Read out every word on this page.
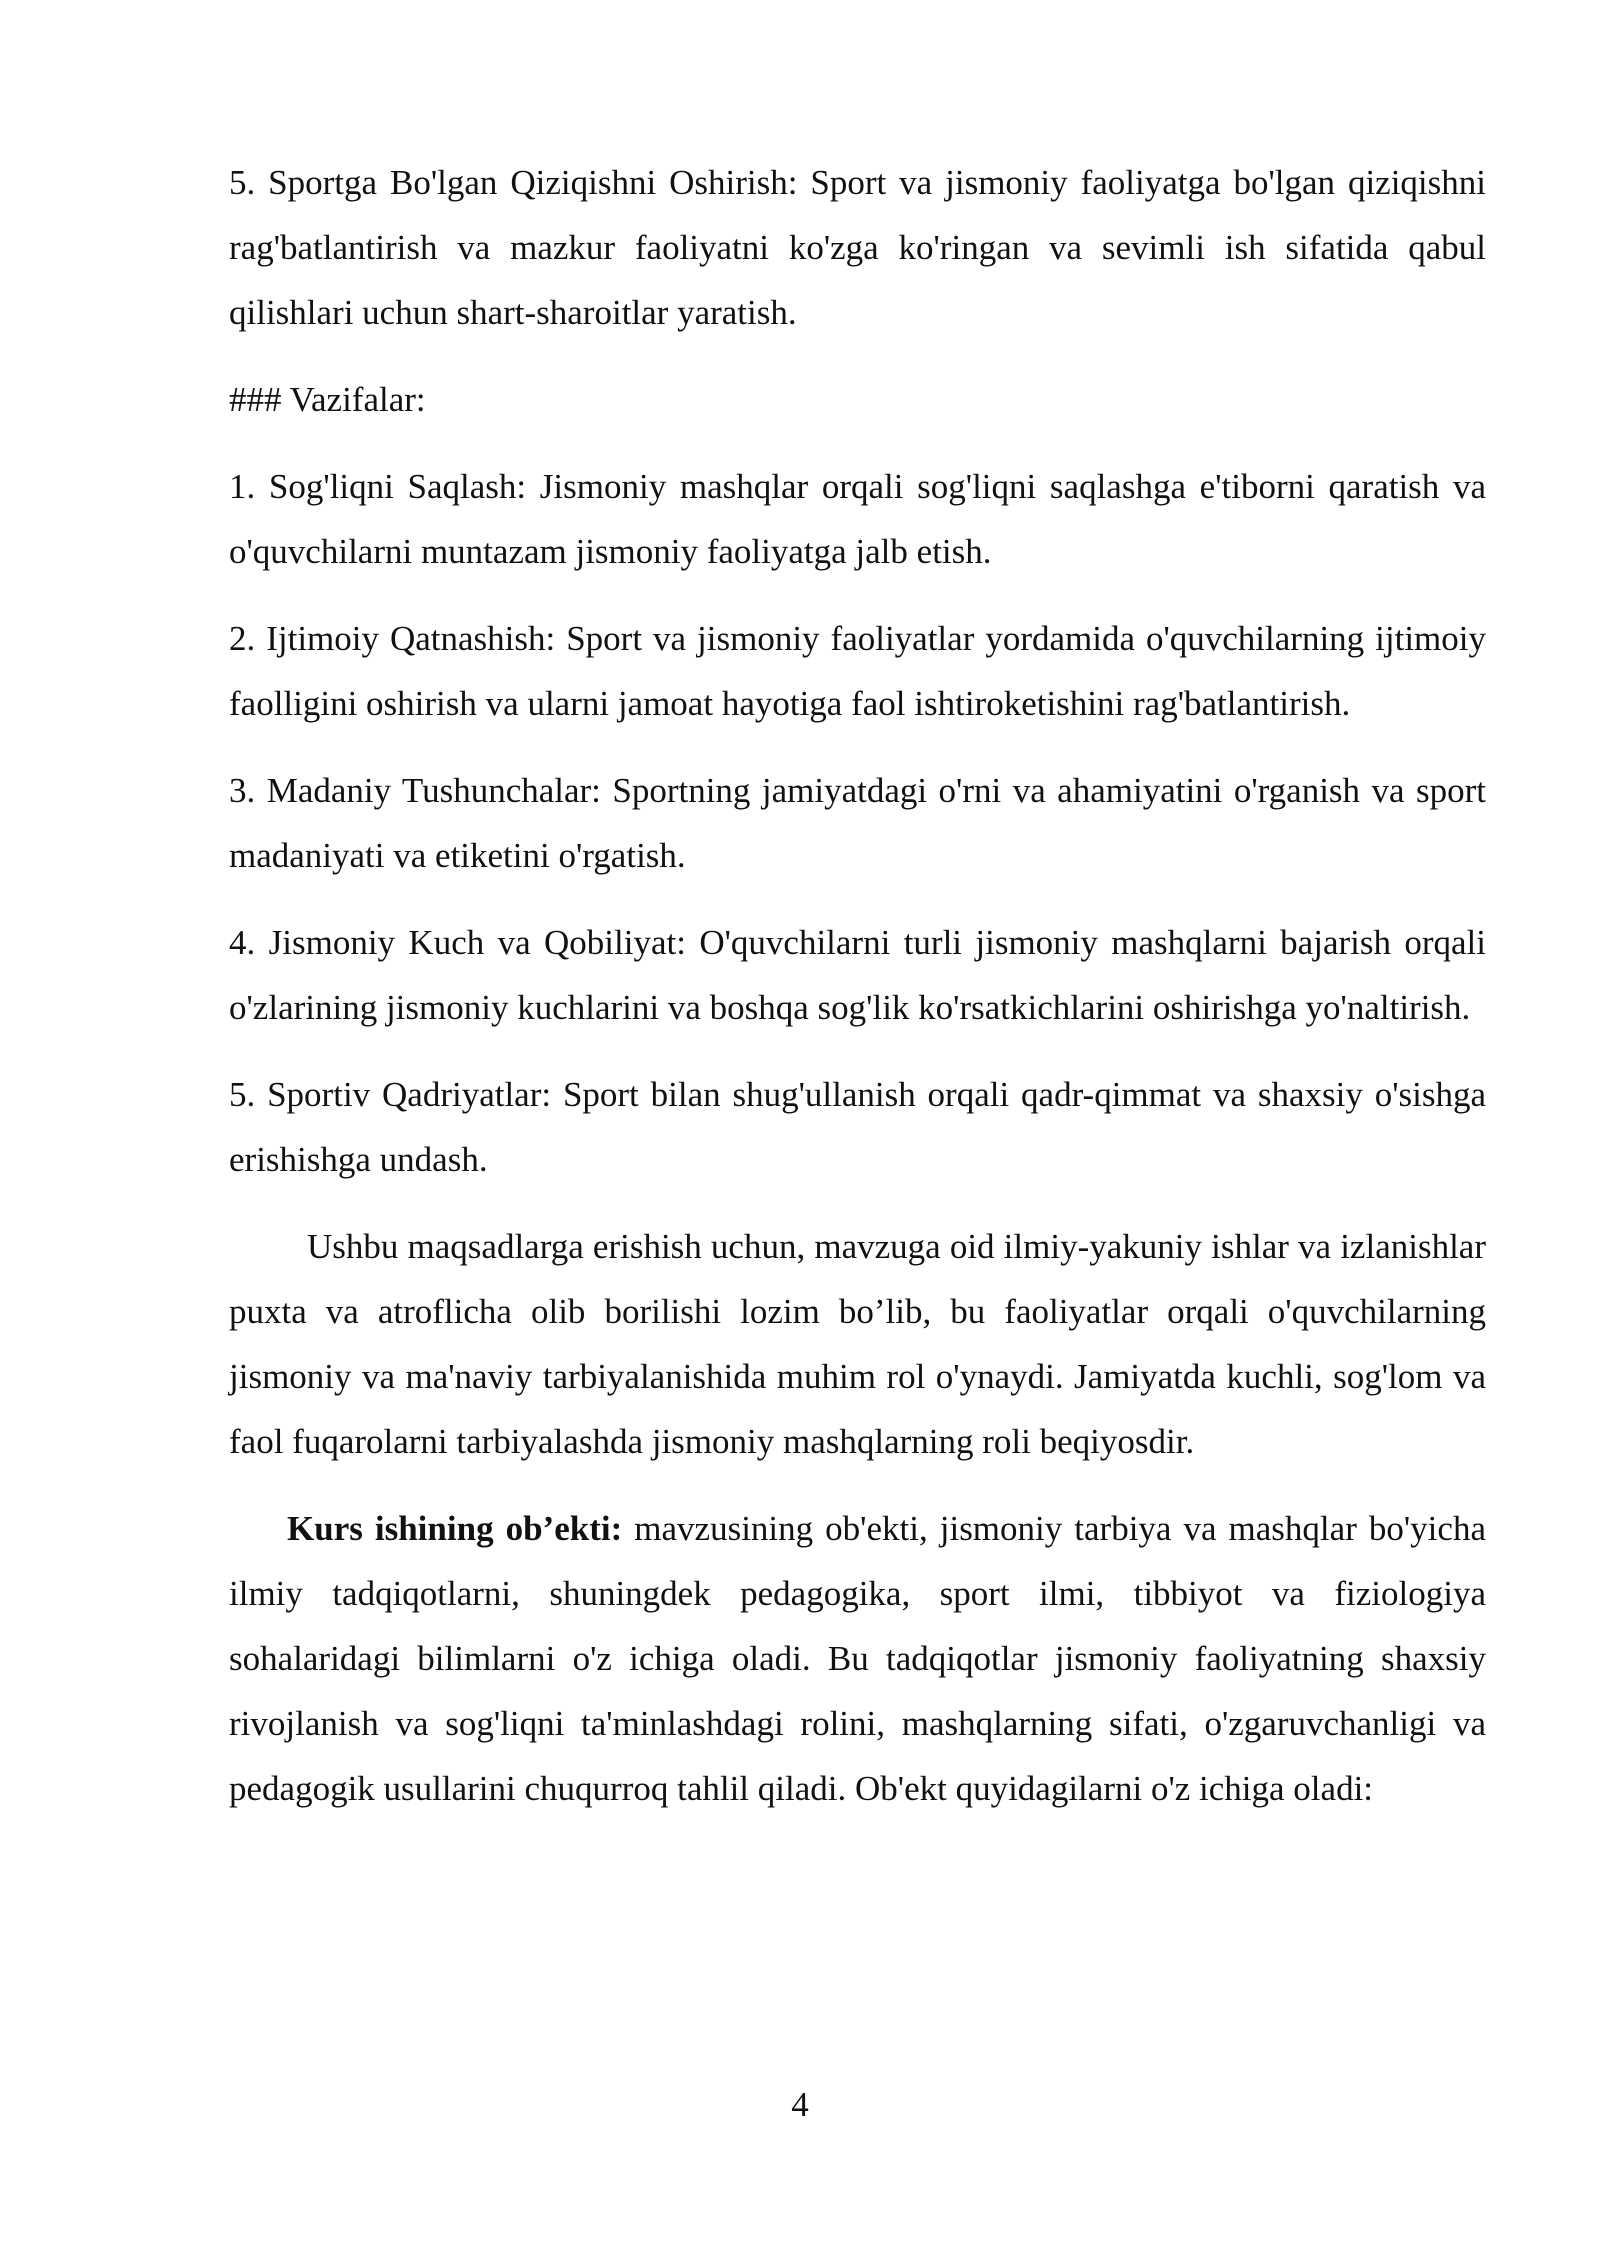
5. Sportga Bo'lgan Qiziqishni Oshirish: Sport va jismoniy faoliyatga bo'lgan qiziqishni rag'batlantirish va mazkur faoliyatni ko'zga ko'ringan va sevimli ish sifatida qabul qilishlari uchun shart-sharoitlar yaratish.

### Vazifalar:

1. Sog'liqni Saqlash: Jismoniy mashqlar orqali sog'liqni saqlashga e'tiborni qaratish va o'quvchilarni muntazam jismoniy faoliyatga jalb etish.

2. Ijtimoiy Qatnashish: Sport va jismoniy faoliyatlar yordamida o'quvchilarning ijtimoiy faolligini oshirish va ularni jamoat hayotiga faol ishtiroketishini rag'batlantirish.

3. Madaniy Tushunchalar: Sportning jamiyatdagi o'rni va ahamiyatini o'rganish va sport madaniyati va etiketini o'rgatish.

4. Jismoniy Kuch va Qobiliyat: O'quvchilarni turli jismoniy mashqlarni bajarish orqali o'zlarining jismoniy kuchlarini va boshqa sog'lik ko'rsatkichlarini oshirishga yo'naltirish.

5. Sportiv Qadriyatlar: Sport bilan shug'ullanish orqali qadr-qimmat va shaxsiy o'sishga erishishga undash.

Ushbu maqsadlarga erishish uchun, mavzuga oid ilmiy-yakuniy ishlar va izlanishlar puxta va atroflicha olib borilishi lozim bo’lib, bu faoliyatlar orqali o'quvchilarning jismoniy va ma'naviy tarbiyalanishida muhim rol o'ynaydi. Jamiyatda kuchli, sog'lom va faol fuqarolarni tarbiyalashda jismoniy mashqlarning roli beqiyosdir.

Kurs ishining ob’ekti: mavzusining ob'ekti, jismoniy tarbiya va mashqlar bo'yicha ilmiy tadqiqotlarni, shuningdek pedagogika, sport ilmi, tibbiyot va fiziologiya sohalaridagi bilimlarni o'z ichiga oladi. Bu tadqiqotlar jismoniy faoliyatning shaxsiy rivojlanish va sog'liqni ta'minlashdagi rolini, mashqlarning sifati, o'zgaruvchanligi va pedagogik usullarini chuqurroq tahlil qiladi. Ob'ekt quyidagilarni o'z ichiga oladi:

4
